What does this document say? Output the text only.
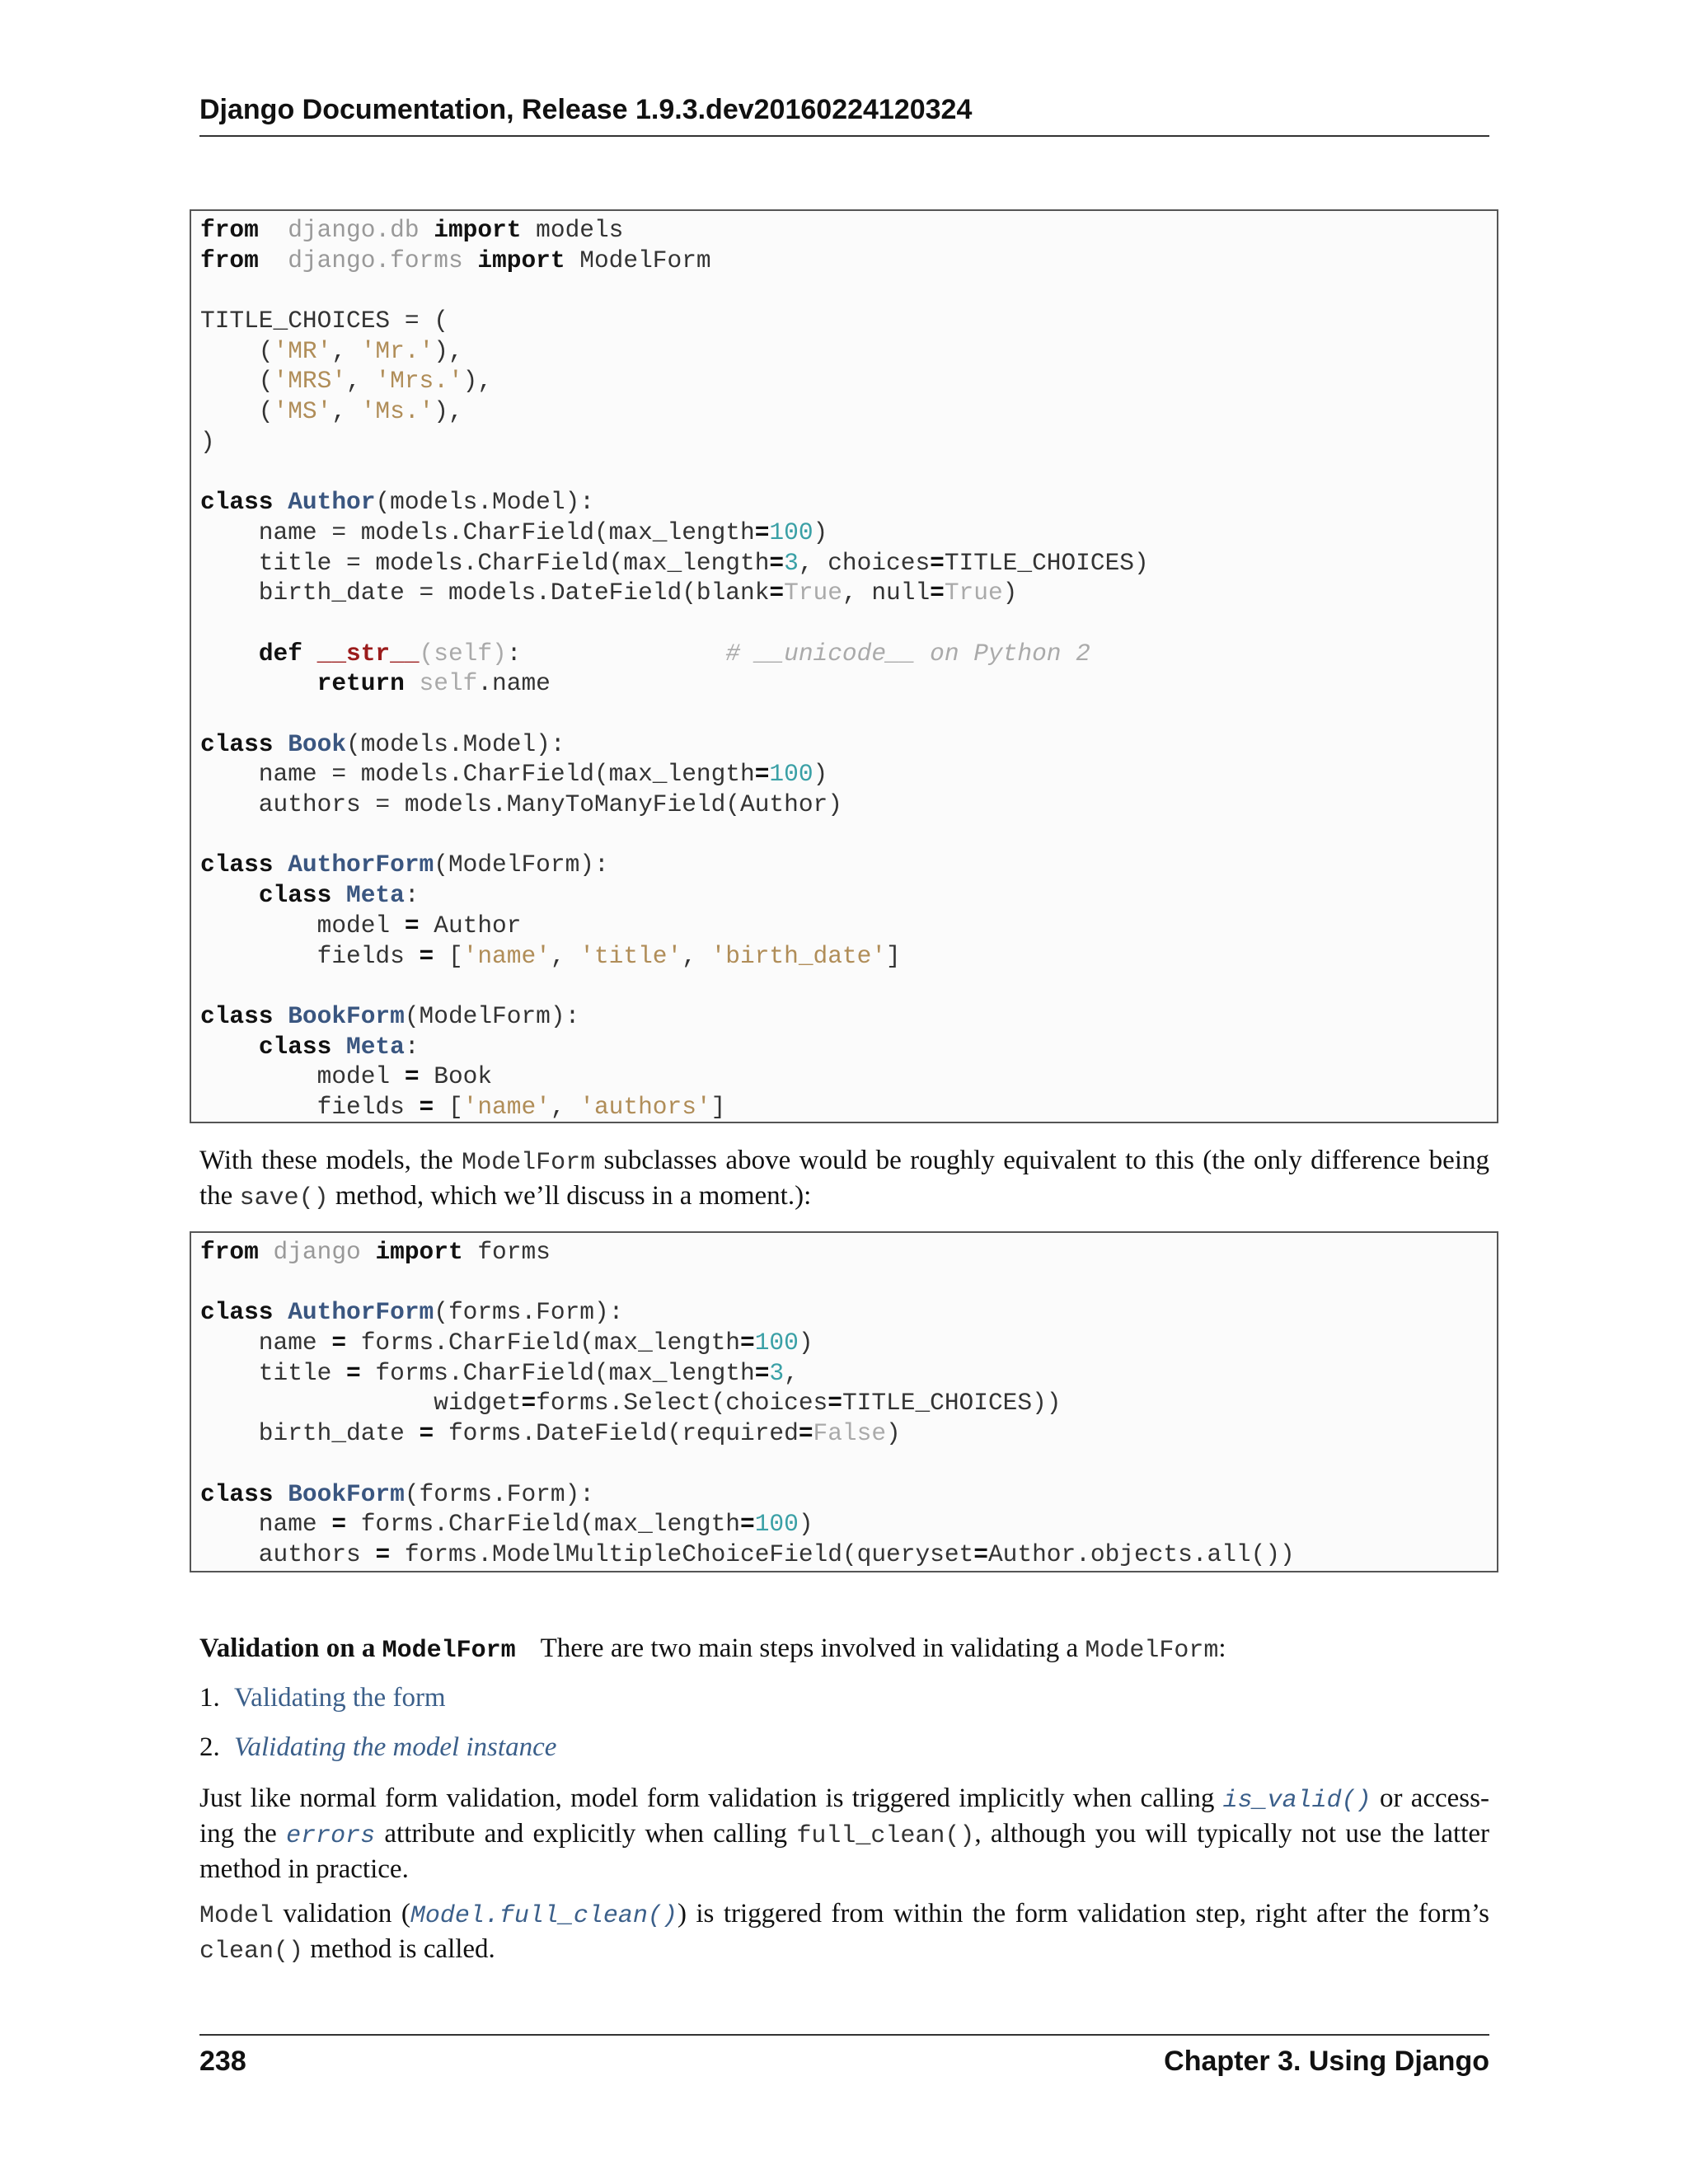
Django Documentation, Release 1.9.3.dev20160224120324
from django.db import models
from django.forms import ModelForm
TITLE_CHOICES = (
('MR', 'Mr.'),
('MRS', 'Mrs.'),
('MS', 'Ms.'),
)
class Author(models.Model):
name = models.CharField(max_length=100)
title = models.CharField(max_length=3, choices=TITLE_CHOICES)
birth_date = models.DateField(blank=True, null=True)
def __str__(self):              # __unicode__ on Python 2
return self.name
class Book(models.Model):
name = models.CharField(max_length=100)
authors = models.ManyToManyField(Author)
class AuthorForm(ModelForm):
class Meta:
model = Author
fields = ['name', 'title', 'birth_date']
class BookForm(ModelForm):
class Meta:
model = Book
fields = ['name', 'authors']

With these models, the ModelForm subclasses above would be roughly equivalent to this (the only difference being the save() method, which we’ll discuss in a moment.):

from django import forms
class AuthorForm(forms.Form):
name = forms.CharField(max_length=100)
title = forms.CharField(max_length=3,
widget=forms.Select(choices=TITLE_CHOICES))
birth_date = forms.DateField(required=False)
class BookForm(forms.Form):
name = forms.CharField(max_length=100)
authors = forms.ModelMultipleChoiceField(queryset=Author.objects.all())

Validation on a ModelForm There are two main steps involved in validating a ModelForm:

1. Validating the form
2. Validating the model instance

Just like normal form validation, model form validation is triggered implicitly when calling is_valid() or access-ing the errors attribute and explicitly when calling full_clean(), although you will typically not use the latter method in practice.

Model validation (Model.full_clean()) is triggered from within the form validation step, right after the form’s clean() method is called.

238	Chapter 3. Using Django
